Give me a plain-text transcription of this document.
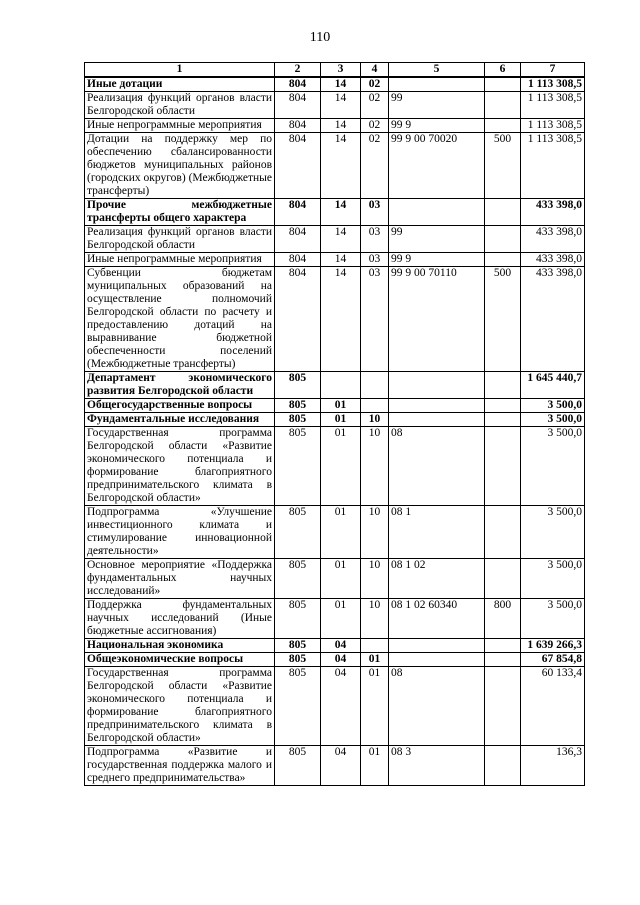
110
1	2	3	4	5	6	7
Иные дотации	804	14	02			1 113 308,5
Реализация функций органов власти Белгородской области	804	14	02	99		1 113 308,5
Иные непрограммные мероприятия	804	14	02	99 9		1 113 308,5
Дотации на поддержку мер по обеспечению сбалансированности бюджетов муниципальных районов (городских округов) (Межбюджетные трансферты)	804	14	02	99 9 00 70020	500	1 113 308,5
Прочие межбюджетные трансферты общего характера	804	14	03			433 398,0
Реализация функций органов власти Белгородской области	804	14	03	99		433 398,0
Иные непрограммные мероприятия	804	14	03	99 9		433 398,0
Субвенции бюджетам муниципальных образований на осуществление полномочий Белгородской области по расчету и предоставлению дотаций на выравнивание бюджетной обеспеченности поселений (Межбюджетные трансферты)	804	14	03	99 9 00 70110	500	433 398,0
Департамент экономического развития Белгородской области	805					1 645 440,7
Общегосударственные вопросы	805	01				3 500,0
Фундаментальные исследования	805	01	10			3 500,0
Государственная программа Белгородской области «Развитие экономического потенциала и формирование благоприятного предпринимательского климата в Белгородской области»	805	01	10	08		3 500,0
Подпрограмма «Улучшение инвестиционного климата и стимулирование инновационной деятельности»	805	01	10	08 1		3 500,0
Основное мероприятие «Поддержка фундаментальных научных исследований»	805	01	10	08 1 02		3 500,0
Поддержка фундаментальных научных исследований (Иные бюджетные ассигнования)	805	01	10	08 1 02 60340	800	3 500,0
Национальная экономика	805	04				1 639 266,3
Общеэкономические вопросы	805	04	01			67 854,8
Государственная программа Белгородской области «Развитие экономического потенциала и формирование благоприятного предпринимательского климата в Белгородской области»	805	04	01	08		60 133,4
Подпрограмма «Развитие и государственная поддержка малого и среднего предпринимательства»	805	04	01	08 3		136,3
